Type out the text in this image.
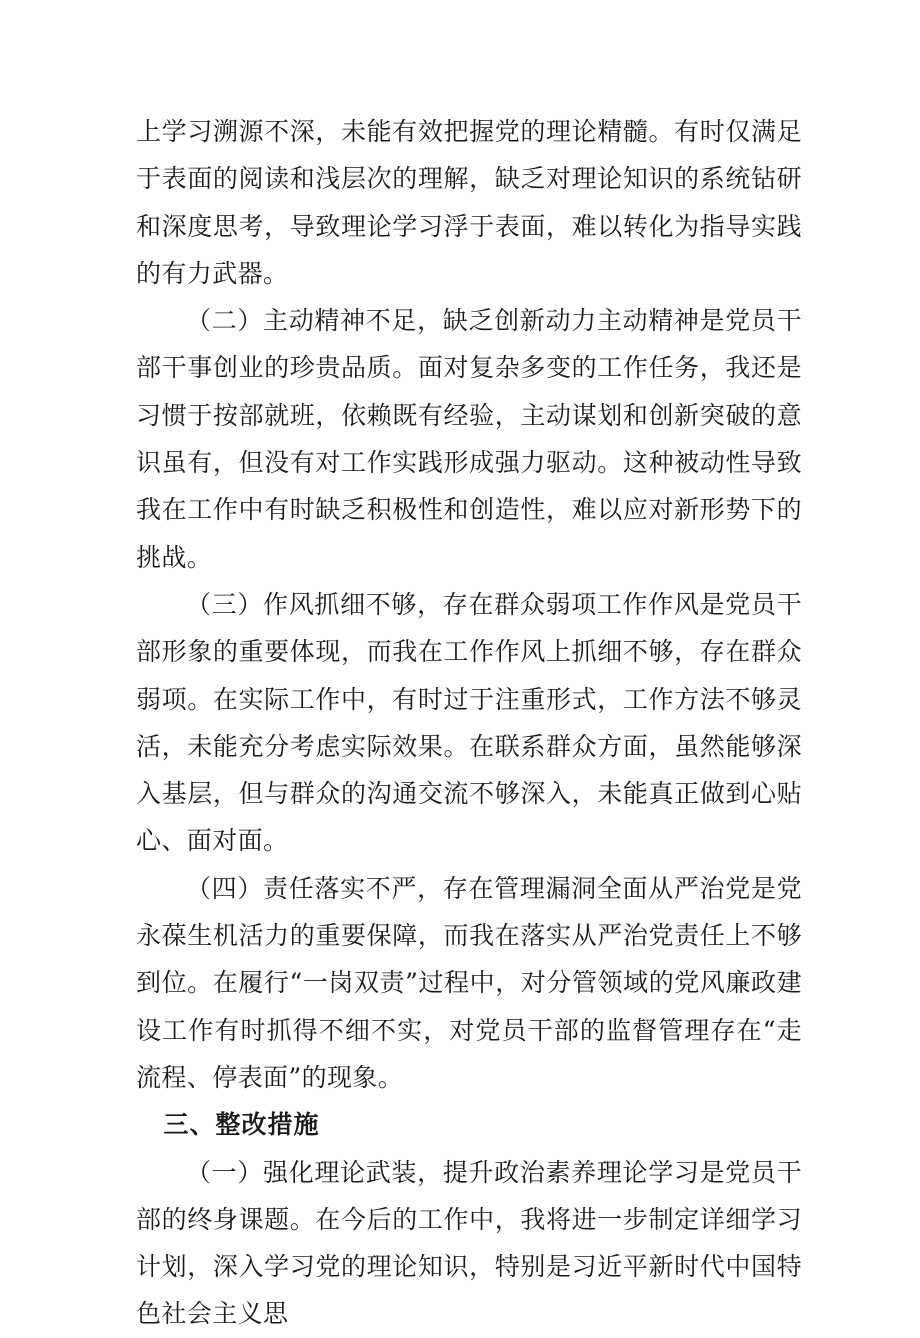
上学习溯源不深，未能有效把握党的理论精髓。有时仅满足于表面的阅读和浅层次的理解，缺乏对理论知识的系统钻研和深度思考，导致理论学习浮于表面，难以转化为指导实践的有力武器。

（二）主动精神不足，缺乏创新动力主动精神是党员干部干事创业的珍贵品质。面对复杂多变的工作任务，我还是习惯于按部就班，依赖既有经验，主动谋划和创新突破的意识虽有，但没有对工作实践形成强力驱动。这种被动性导致我在工作中有时缺乏积极性和创造性，难以应对新形势下的挑战。

（三）作风抓细不够，存在群众弱项工作作风是党员干部形象的重要体现，而我在工作作风上抓细不够，存在群众弱项。在实际工作中，有时过于注重形式，工作方法不够灵活，未能充分考虑实际效果。在联系群众方面，虽然能够深入基层，但与群众的沟通交流不够深入，未能真正做到心贴心、面对面。

（四）责任落实不严，存在管理漏洞全面从严治党是党永葆生机活力的重要保障，而我在落实从严治党责任上不够到位。在履行“一岗双责”过程中，对分管领域的党风廉政建设工作有时抓得不细不实，对党员干部的监督管理存在“走流程、停表面”的现象。

三、整改措施

（一）强化理论武装，提升政治素养理论学习是党员干部的终身课题。在今后的工作中，我将进一步制定详细学习计划，深入学习党的理论知识，特别是习近平新时代中国特色社会主义思
